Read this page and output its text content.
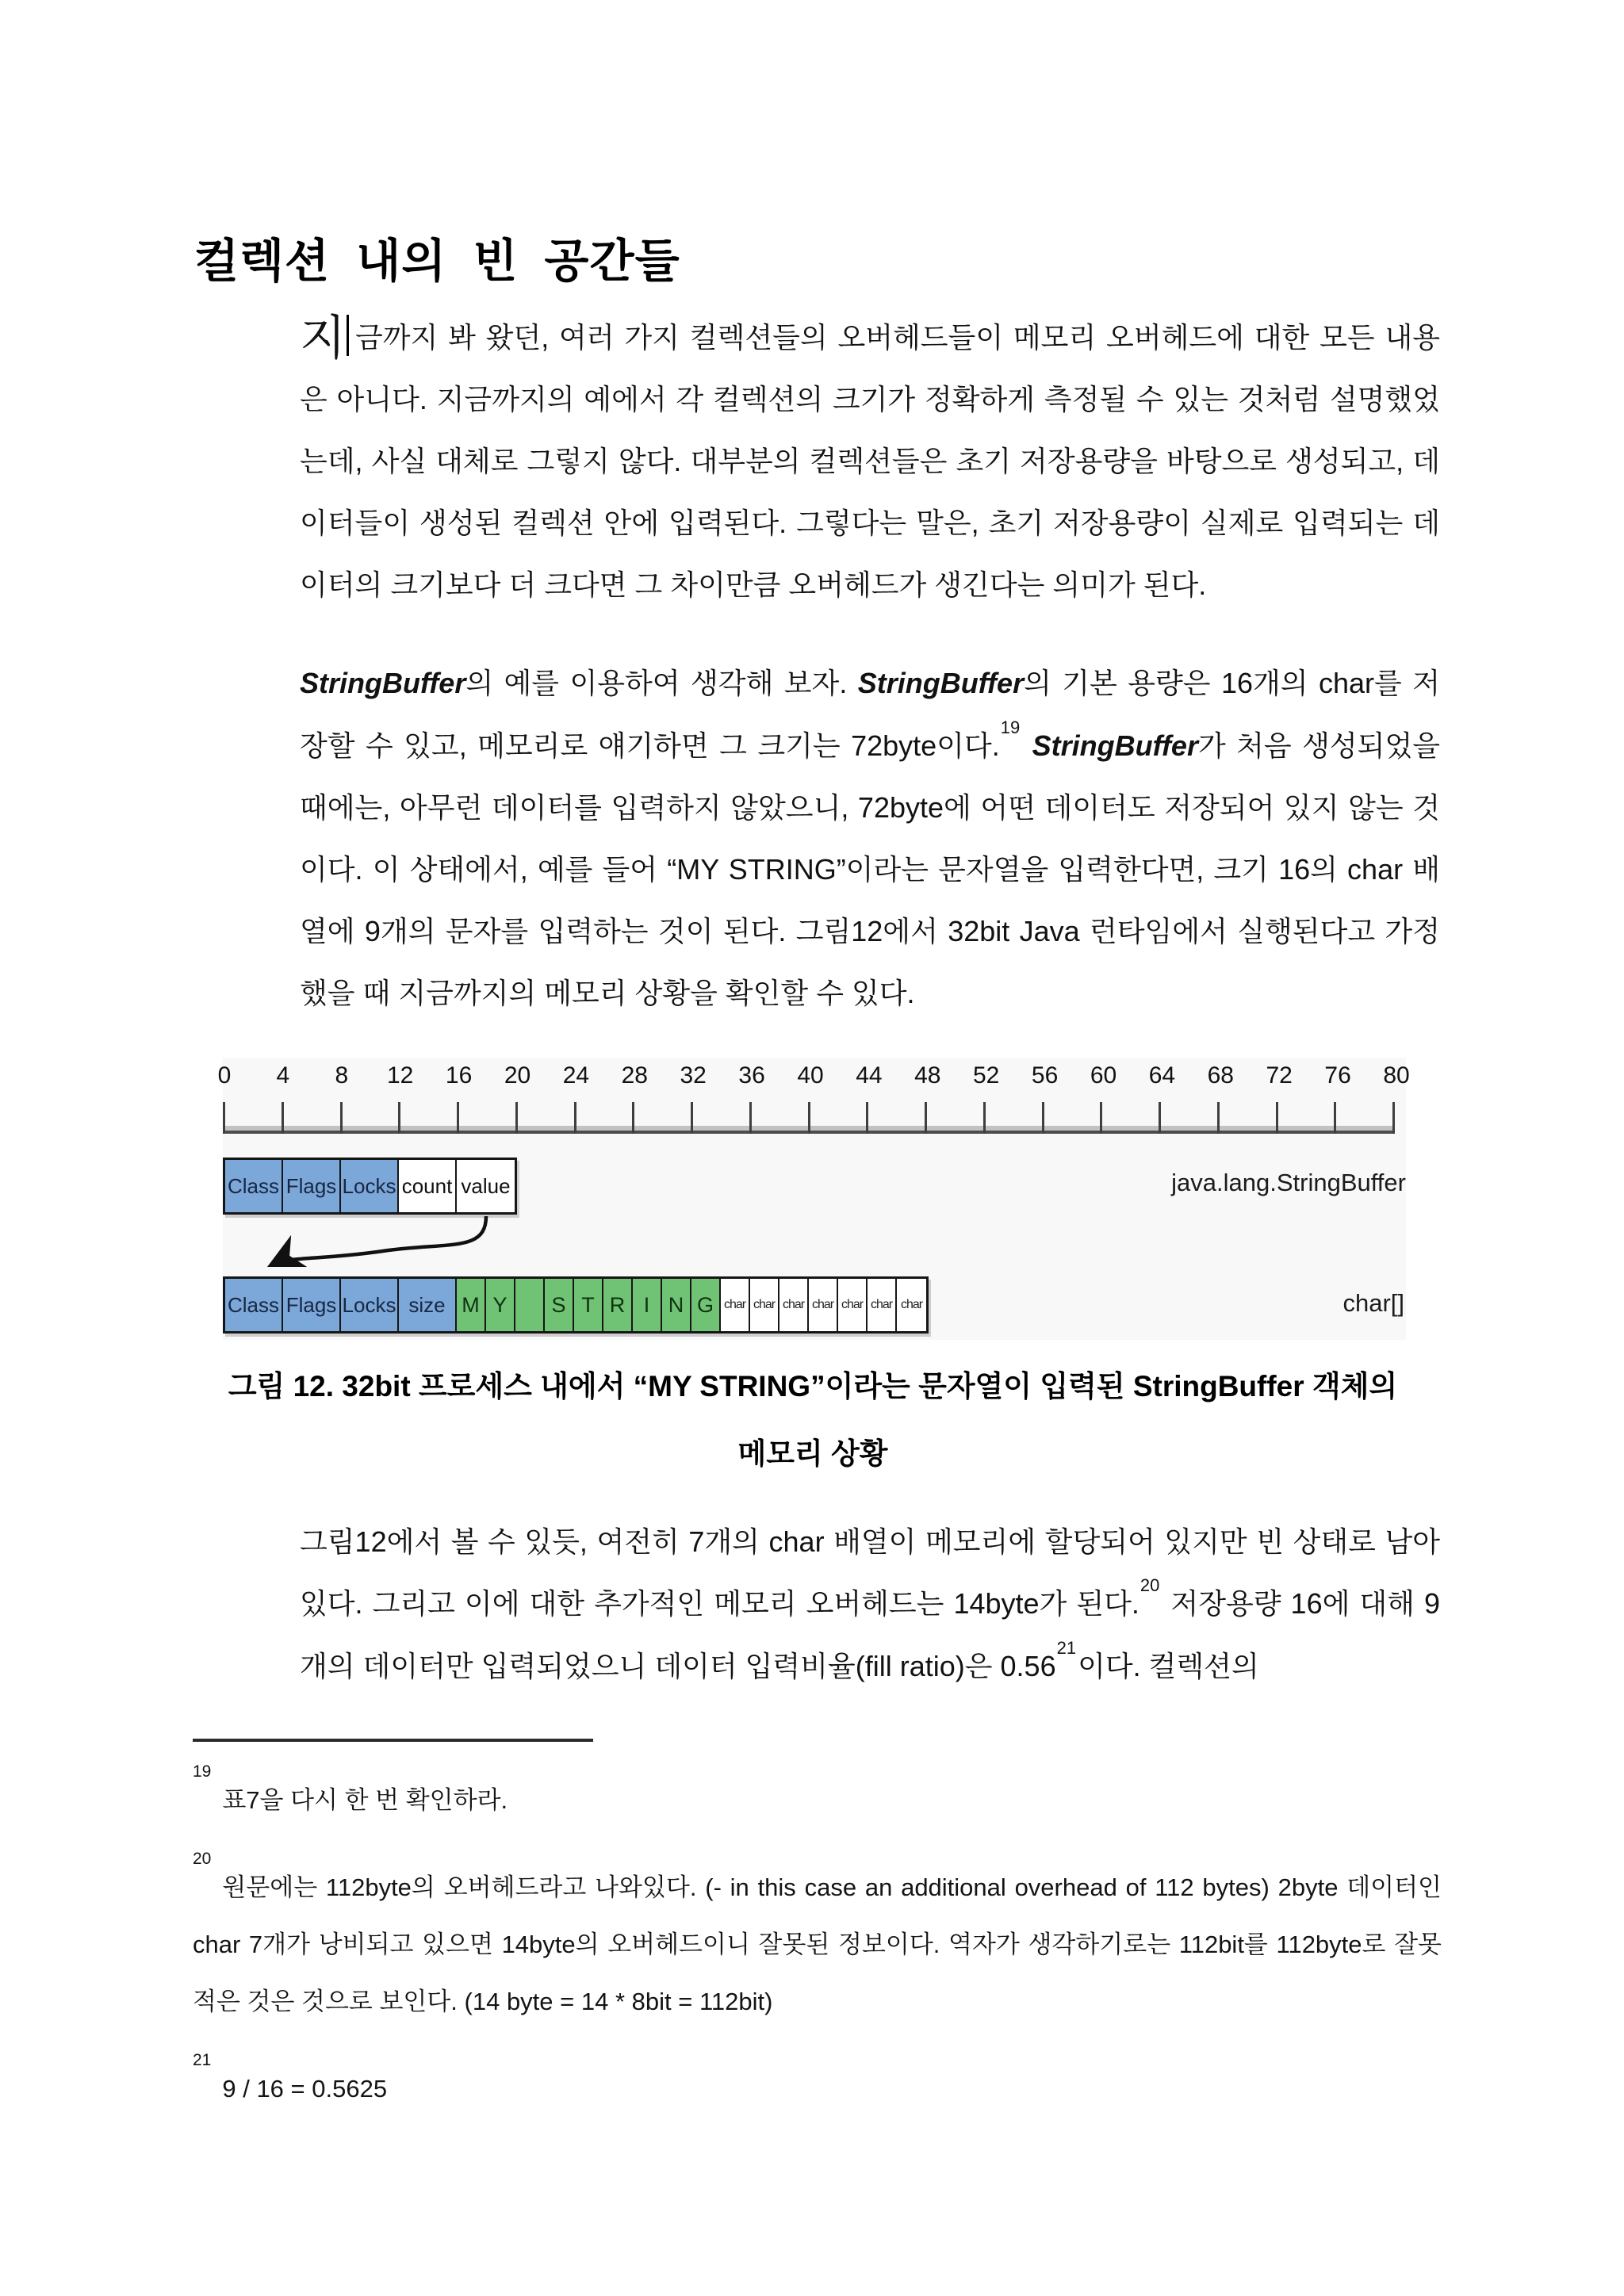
컬렉션 내의 빈 공간들

지금까지 봐 왔던, 여러 가지 컬렉션들의 오버헤드들이 메모리 오버헤드에 대한 모든 내용은 아니다. 지금까지의 예에서 각 컬렉션의 크기가 정확하게 측정될 수 있는 것처럼 설명했었는데, 사실 대체로 그렇지 않다. 대부분의 컬렉션들은 초기 저장용량을 바탕으로 생성되고, 데이터들이 생성된 컬렉션 안에 입력된다. 그렇다는 말은, 초기 저장용량이 실제로 입력되는 데이터의 크기보다 더 크다면 그 차이만큼 오버헤드가 생긴다는 의미가 된다.

StringBuffer의 예를 이용하여 생각해 보자. StringBuffer의 기본 용량은 16개의 char를 저장할 수 있고, 메모리로 얘기하면 그 크기는 72byte이다.$^{19}$ StringBuffer가 처음 생성되었을 때에는, 아무런 데이터를 입력하지 않았으니, 72byte에 어떤 데이터도 저장되어 있지 않는 것이다. 이 상태에서, 예를 들어 “MY STRING”이라는 문자열을 입력한다면, 크기 16의 char 배열에 9개의 문자를 입력하는 것이 된다. 그림12에서 32bit Java 런타임에서 실행된다고 가정했을 때 지금까지의 메모리 상황을 확인할 수 있다.

0 4 8 12 16 20 24 28 32 36 40 44 48 52 56 60 64 68 72 76 80
Class Flags Locks count value	java.lang.StringBuffer
Class Flags Locks size M Y	S T R I N G char char char char char char char	char[]
그림 12. 32bit 프로세스 내에서 “MY STRING”이라는 문자열이 입력된 StringBuffer 객체의
메모리 상황

그림12에서 볼 수 있듯, 여전히 7개의 char 배열이 메모리에 할당되어 있지만 빈 상태로 남아 있다. 그리고 이에 대한 추가적인 메모리 오버헤드는 14byte가 된다.$^{20}$ 저장용량 16에 대해 9개의 데이터만 입력되었으니 데이터 입력비율(fill ratio)은 0.56$^{21}$이다. 컬렉션의

$^{19}$표7을 다시 한 번 확인하라.
$^{20}$원문에는 112byte의 오버헤드라고 나와있다. (- in this case an additional overhead of 112 bytes) 2byte 데이터인 char 7개가 낭비되고 있으면 14byte의 오버헤드이니 잘못된 정보이다. 역자가 생각하기로는 112bit를 112byte로 잘못 적은 것은 것으로 보인다. (14 byte = 14 * 8bit = 112bit)
$^{21}$9 / 16 = 0.5625
